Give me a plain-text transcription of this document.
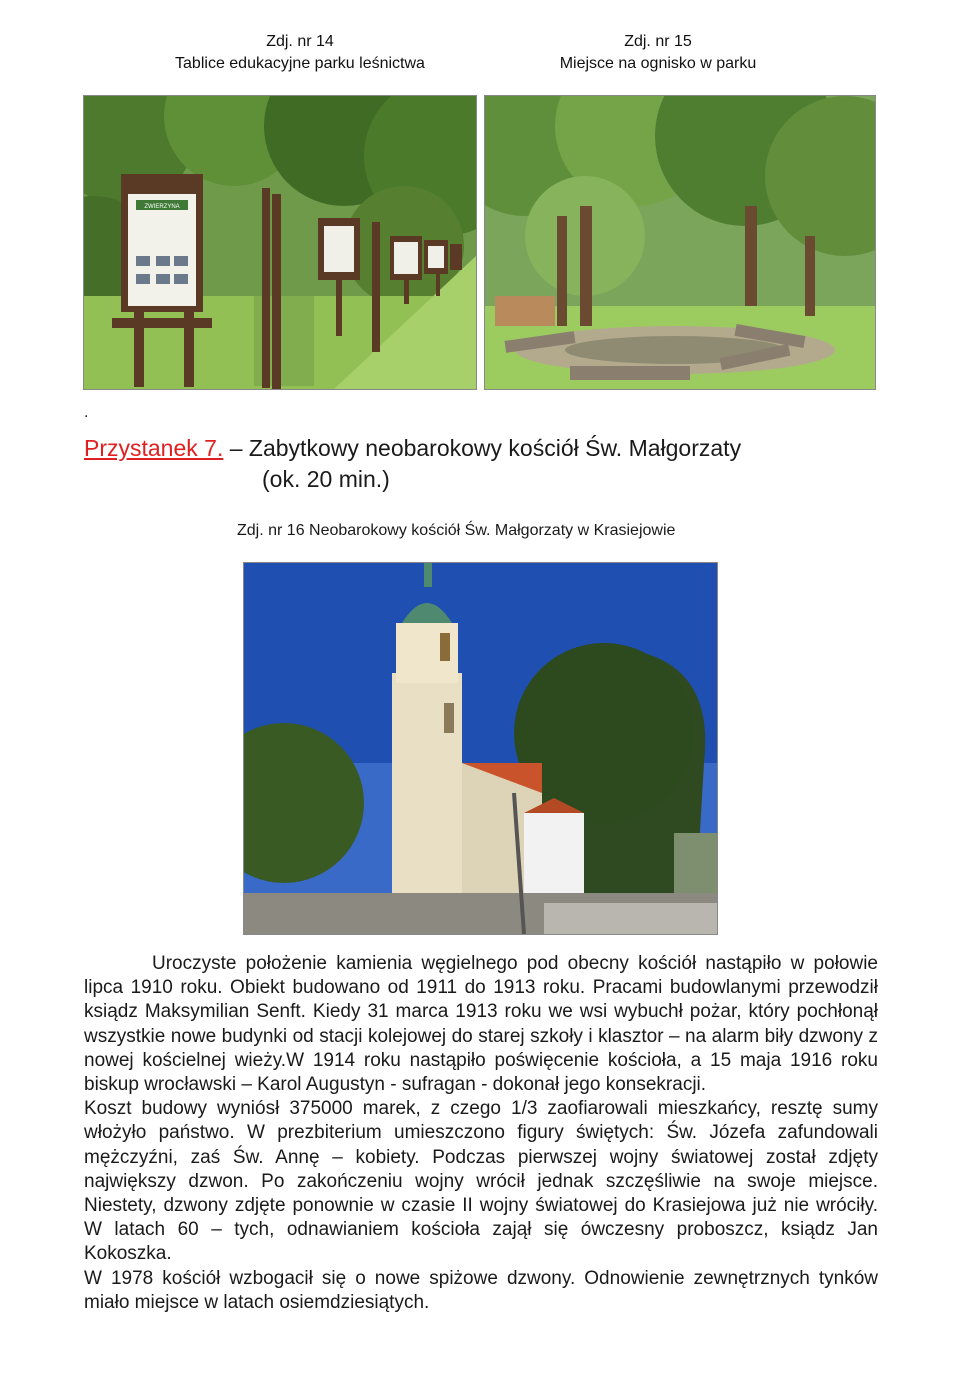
Zdj. nr 14
Tablice edukacyjne parku leśnictwa
Zdj. nr 15
Miejsce na ognisko w parku
ZWIERZYNA
.
Przystanek 7. – Zabytkowy neobarokowy kościół Św. Małgorzaty
(ok. 20 min.)
Zdj. nr 16 Neobarokowy kościół Św. Małgorzaty w Krasiejowie

Uroczyste położenie kamienia węgielnego pod obecny kościół nastąpiło w połowie lipca 1910 roku. Obiekt budowano od 1911 do 1913 roku. Pracami budowlanymi przewodził ksiądz Maksymilian Senft. Kiedy 31 marca 1913 roku we wsi wybuchł pożar, który pochłonął wszystkie nowe budynki od stacji kolejowej do starej szkoły i klasztor – na alarm biły dzwony z nowej kościelnej wieży.W 1914 roku nastąpiło poświęcenie kościoła, a 15 maja 1916 roku biskup wrocławski – Karol Augustyn - sufragan - dokonał jego konsekracji.

Koszt budowy wyniósł 375000 marek, z czego 1/3 zaofiarowali mieszkańcy, resztę sumy włożyło państwo. W prezbiterium umieszczono figury świętych: Św. Józefa zafundowali mężczyźni, zaś Św. Annę – kobiety. Podczas pierwszej wojny światowej został zdjęty największy dzwon. Po zakończeniu wojny wrócił jednak szczęśliwie na swoje miejsce. Niestety, dzwony zdjęte ponownie w czasie II wojny światowej do Krasiejowa już nie wróciły. W latach 60 – tych, odnawianiem kościoła zajął się ówczesny proboszcz, ksiądz Jan Kokoszka.

W 1978 kościół wzbogacił się o nowe spiżowe dzwony. Odnowienie zewnętrznych tynków miało miejsce w latach osiemdziesiątych.
